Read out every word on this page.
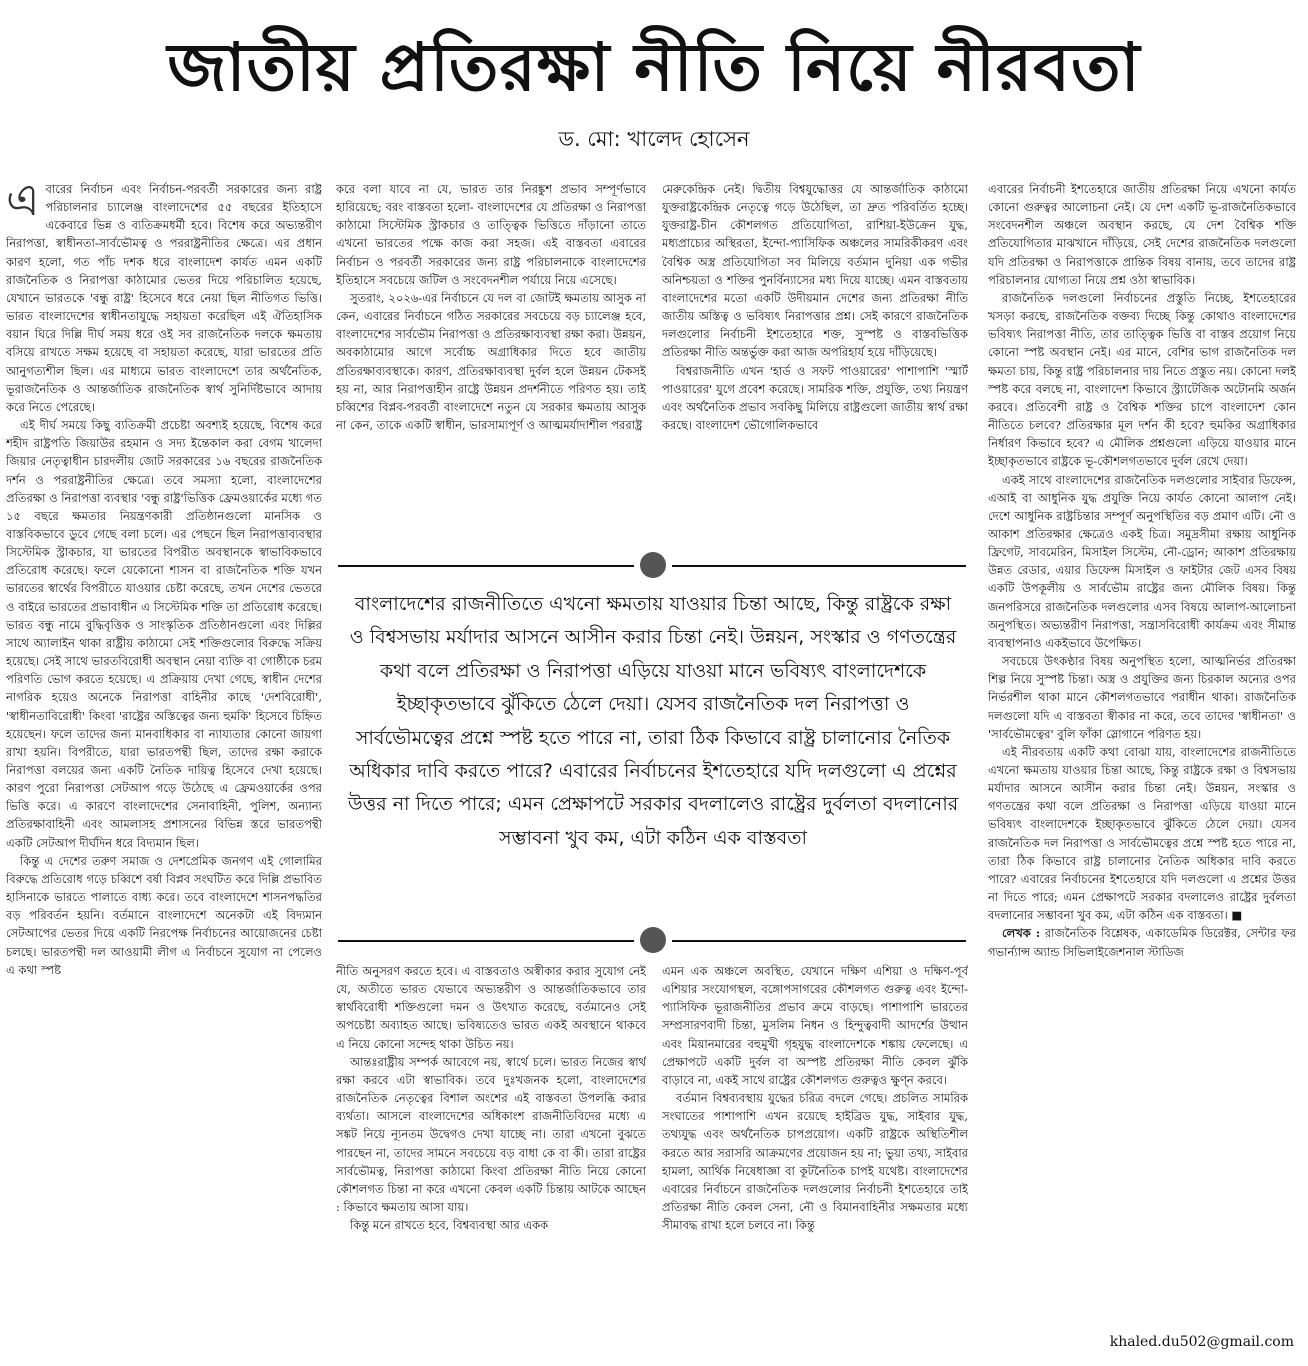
জাতীয় প্রতিরক্ষা নীতি নিয়ে নীরবতা
ড. মো: খালেদ হোসেন

এবারের নির্বাচন এবং নির্বাচন-পরবর্তী সরকারের জন্য রাষ্ট্র পরিচালনার চ্যালেঞ্জ বাংলাদেশের ৫৫ বছরের ইতিহাসে একেবারে ভিন্ন ও ব্যতিক্রমধর্মী হবে। বিশেষ করে অভ্যন্তরীণ নিরাপত্তা, স্বাধীনতা-সার্বভৌমত্ব ও পররাষ্ট্রনীতির ক্ষেত্রে। এর প্রধান কারণ হলো, গত পাঁচ দশক ধরে বাংলাদেশ কার্যত এমন একটি রাজনৈতিক ও নিরাপত্তা কাঠামোর ভেতর দিয়ে পরিচালিত হয়েছে, যেখানে ভারতকে 'বন্ধু রাষ্ট্র' হিসেবে ধরে নেয়া ছিল নীতিগত ভিত্তি। ভারত বাংলাদেশের স্বাধীনতাযুদ্ধে সহায়তা করেছিল এই ঐতিহাসিক বয়ান ঘিরে দিল্লি দীর্ঘ সময় ধরে ওই সব রাজনৈতিক দলকে ক্ষমতায় বসিয়ে রাখতে সক্ষম হয়েছে বা সহায়তা করেছে, যারা ভারতের প্রতি আনুগত্যশীল ছিল। এর মাধ্যমে ভারত বাংলাদেশে তার অর্থনৈতিক, ভূরাজনৈতিক ও আন্তর্জাতিক রাজনৈতিক স্বার্থ সুনির্দিষ্টভাবে আদায় করে নিতে পেরেছে।

এই দীর্ঘ সময়ে কিছু ব্যতিক্রমী প্রচেষ্টা অবশ্যই হয়েছে, বিশেষ করে শহীদ রাষ্ট্রপতি জিয়াউর রহমান ও সদ্য ইন্তেকাল করা বেগম খালেদা জিয়ার নেতৃত্বাধীন চারদলীয় জোট সরকারের ১৬ বছরের রাজনৈতিক দর্শন ও পররাষ্ট্রনীতির ক্ষেত্রে। তবে সমস্যা হলো, বাংলাদেশের প্রতিরক্ষা ও নিরাপত্তা ব্যবস্থার 'বন্ধু রাষ্ট্র'ভিত্তিক ফ্রেমওয়ার্কের মধ্যে গত ১৫ বছরে ক্ষমতার নিয়ন্ত্রণকারী প্রতিষ্ঠানগুলো মানসিক ও বাস্তবিকভাবে ডুবে গেছে বলা চলে। এর পেছনে ছিল নিরাপত্তাব্যবস্থার সিস্টেমিক স্ট্রাকচার, যা ভারতের বিপরীত অবস্থানকে স্বাভাবিকভাবে প্রতিরোধ করেছে। ফলে যেকোনো শাসন বা রাজনৈতিক শক্তি যখন ভারতের স্বার্থের বিপরীতে যাওয়ার চেষ্টা করেছে, তখন দেশের ভেতরে ও বাইরে ভারতের প্রভাবাধীন এ সিস্টেমিক শক্তি তা প্রতিরোধ করেছে। ভারত বন্ধু নামে বুদ্ধিবৃত্তিক ও সাংস্কৃতিক প্রতিষ্ঠানগুলো এবং দিল্লির সাথে অ্যালাইন থাকা রাষ্ট্রীয় কাঠামো সেই শক্তিগুলোর বিরুদ্ধে সক্রিয় হয়েছে। সেই সাথে ভারতবিরোধী অবস্থান নেয়া ব্যক্তি বা গোষ্ঠীকে চরম পরিণতি ভোগ করতে হয়েছে। এ প্রক্রিয়ায় দেখা গেছে, স্বাধীন দেশের নাগরিক হয়েও অনেকে নিরাপত্তা বাহিনীর কাছে 'দেশবিরোধী', 'স্বাধীনতাবিরোধী' কিংবা 'রাষ্ট্রের অস্তিত্বের জন্য হুমকি' হিসেবে চিহ্নিত হয়েছেন। ফলে তাদের জন্য মানবাধিকার বা ন্যায্যতার কোনো জায়গা রাখা হয়নি। বিপরীতে, যারা ভারতপন্থী ছিল, তাদের রক্ষা করাকে নিরাপত্তা বলয়ের জন্য একটি নৈতিক দায়িত্ব হিসেবে দেখা হয়েছে। কারণ পুরো নিরাপত্তা সেটআপ গড়ে উঠেছে এ ফ্রেমওয়ার্কের ওপর ভিত্তি করে। এ কারণে বাংলাদেশের সেনাবাহিনী, পুলিশ, অন্যান্য প্রতিরক্ষাবাহিনী এবং আমলাসহ প্রশাসনের বিভিন্ন স্তরে ভারতপন্থী একটি সেটআপ দীর্ঘদিন ধরে বিদ্যমান ছিল।

কিন্তু এ দেশের তরুণ সমাজ ও দেশপ্রেমিক জনগণ এই গোলামির বিরুদ্ধে প্রতিরোধ গড়ে চব্বিশে বর্ষা বিপ্লব সংঘটিত করে দিল্লি প্রভাবিত হাসিনাকে ভারতে পালাতে বাধ্য করে। তবে বাংলাদেশে শাসনপদ্ধতির বড় পরিবর্তন হয়নি। বর্তমানে বাংলাদেশে অনেকটা এই বিদ্যমান সেটআপের ভেতর দিয়ে একটি নিরপেক্ষ নির্বাচনের আয়োজনের চেষ্টা চলছে। ভারতপন্থী দল আওয়ামী লীগ এ নির্বাচনে সুযোগ না পেলেও এ কথা স্পষ্ট

করে বলা যাবে না যে, ভারত তার নিরঙ্কুশ প্রভাব সম্পূর্ণভাবে হারিয়েছে; বরং বাস্তবতা হলো- বাংলাদেশের যে প্রতিরক্ষা ও নিরাপত্তা কাঠামো সিস্টেমিক স্ট্রাকচার ও তাত্ত্বিক ভিত্তিতে দাঁড়ানো তাতে এখনো ভারতের পক্ষে কাজ করা সহজ। এই বাস্তবতা এবারের নির্বাচন ও পরবর্তী সরকারের জন্য রাষ্ট্র পরিচালনাকে বাংলাদেশের ইতিহাসে সবচেয়ে জটিল ও সংবেদনশীল পর্যায়ে নিয়ে এসেছে।

সুতরাং, ২০২৬-এর নির্বাচনে যে দল বা জোটই ক্ষমতায় আসুক না কেন, এবারের নির্বাচনে গঠিত সরকারের সবচেয়ে বড় চ্যালেঞ্জ হবে, বাংলাদেশের সার্বভৌম নিরাপত্তা ও প্রতিরক্ষাব্যবস্থা রক্ষা করা। উন্নয়ন, অবকাঠামোর আগে সর্বোচ্চ অগ্রাধিকার দিতে হবে জাতীয় প্রতিরক্ষাব্যবস্থাকে। কারণ, প্রতিরক্ষাব্যবস্থা দুর্বল হলে উন্নয়ন টেকসই হয় না, আর নিরাপত্তাহীন রাষ্ট্রে উন্নয়ন প্রদর্শনীতে পরিণত হয়। তাই চব্বিশের বিপ্লব-পরবর্তী বাংলাদেশে নতুন যে সরকার ক্ষমতায় আসুক না কেন, তাকে একটি স্বাধীন, ভারসাম্যপূর্ণ ও আত্মমর্যাদাশীল পররাষ্ট্র

মেরুকেন্দ্রিক নেই। দ্বিতীয় বিশ্বযুদ্ধোত্তর যে আন্তর্জাতিক কাঠামো যুক্তরাষ্ট্রকেন্দ্রিক নেতৃত্বে গড়ে উঠেছিল, তা দ্রুত পরিবর্তিত হচ্ছে। যুক্তরাষ্ট্র-চীন কৌশলগত প্রতিযোগিতা, রাশিয়া-ইউক্রেন যুদ্ধ, মধ্যপ্রাচ্যের অস্থিরতা, ইন্দো-প্যাসিফিক অঞ্চলের সামরিকীকরণ এবং বৈশ্বিক অস্ত্র প্রতিযোগিতা সব মিলিয়ে বর্তমান দুনিয়া এক গভীর অনিশ্চয়তা ও শক্তির পুনর্বিন্যাসের মধ্য দিয়ে যাচ্ছে। এমন বাস্তবতায় বাংলাদেশের মতো একটি উদীয়মান দেশের জন্য প্রতিরক্ষা নীতি জাতীয় অস্তিত্ব ও ভবিষ্যৎ নিরাপত্তার প্রশ্ন। সেই কারণে রাজনৈতিক দলগুলোর নির্বাচনী ইশতেহারে শক্ত, সুস্পষ্ট ও বাস্তবভিত্তিক প্রতিরক্ষা নীতি অন্তর্ভুক্ত করা আজ অপরিহার্য হয়ে দাঁড়িয়েছে।

বিশ্বরাজনীতি এখন 'হার্ড ও সফট পাওয়ারের' পাশাপাশি 'স্মার্ট পাওয়ারের' যুগে প্রবেশ করেছে। সামরিক শক্তি, প্রযুক্তি, তথ্য নিয়ন্ত্রণ এবং অর্থনৈতিক প্রভাব সবকিছু মিলিয়ে রাষ্ট্রগুলো জাতীয় স্বার্থ রক্ষা করছে। বাংলাদেশ ভৌগোলিকভাবে

বাংলাদেশের রাজনীতিতে এখনো ক্ষমতায় যাওয়ার চিন্তা আছে, কিন্তু রাষ্ট্রকে রক্ষা ও বিশ্বসভায় মর্যাদার আসনে আসীন করার চিন্তা নেই। উন্নয়ন, সংস্কার ও গণতন্ত্রের কথা বলে প্রতিরক্ষা ও নিরাপত্তা এড়িয়ে যাওয়া মানে ভবিষ্যৎ বাংলাদেশকে ইচ্ছাকৃতভাবে ঝুঁকিতে ঠেলে দেয়া। যেসব রাজনৈতিক দল নিরাপত্তা ও সার্বভৌমত্বের প্রশ্নে স্পষ্ট হতে পারে না, তারা ঠিক কিভাবে রাষ্ট্র চালানোর নৈতিক অধিকার দাবি করতে পারে? এবারের নির্বাচনের ইশতেহারে যদি দলগুলো এ প্রশ্নের উত্তর না দিতে পারে; এমন প্রেক্ষাপটে সরকার বদলালেও রাষ্ট্রের দুর্বলতা বদলানোর সম্ভাবনা খুব কম, এটা কঠিন এক বাস্তবতা

নীতি অনুসরণ করতে হবে। এ বাস্তবতাও অস্বীকার করার সুযোগ নেই যে, অতীতে ভারত যেভাবে অভ্যন্তরীণ ও আন্তর্জাতিকভাবে তার স্বার্থবিরোধী শক্তিগুলো দমন ও উৎখাত করেছে, বর্তমানেও সেই অপচেষ্টা অব্যাহত আছে। ভবিষ্যতেও ভারত একই অবস্থানে থাকবে এ নিয়ে কোনো সন্দেহ থাকা উচিত নয়।

আন্তঃরাষ্ট্রীয় সম্পর্ক আবেগে নয়, স্বার্থে চলে। ভারত নিজের স্বার্থ রক্ষা করবে এটা স্বাভাবিক। তবে দুঃখজনক হলো, বাংলাদেশের রাজনৈতিক নেতৃত্বের বিশাল অংশের এই বাস্তবতা উপলব্ধি করার ব্যর্থতা। আসলে বাংলাদেশের অধিকাংশ রাজনীতিবিদের মধ্যে এ সঙ্কট নিয়ে ন্যূনতম উদ্বেগও দেখা যাচ্ছে না। তারা এখনো বুঝতে পারছেন না, তাদের সামনে সবচেয়ে বড় বাধা কে বা কী। তারা রাষ্ট্রের সার্বভৌমত্ব, নিরাপত্তা কাঠামো কিংবা প্রতিরক্ষা নীতি নিয়ে কোনো কৌশলগত চিন্তা না করে এখনো কেবল একটি চিন্তায় আটকে আছেন : কিভাবে ক্ষমতায় আসা যায়।

কিন্তু মনে রাখতে হবে, বিশ্বব্যবস্থা আর একক

এমন এক অঞ্চলে অবস্থিত, যেখানে দক্ষিণ এশিয়া ও দক্ষিণ-পূর্ব এশিয়ার সংযোগস্থল, বঙ্গোপসাগরের কৌশলগত গুরুত্ব এবং ইন্দো-প্যাসিফিক ভূরাজনীতির প্রভাব ক্রমে বাড়ছে। পাশাপাশি ভারতের সম্প্রসারণবাদী চিন্তা, মুসলিম নিধন ও হিন্দুত্ববাদী আদর্শের উত্থান এবং মিয়ানমারের বহুমুখী গৃহযুদ্ধ বাংলাদেশকে শঙ্কায় ফেলেছে। এ প্রেক্ষাপটে একটি দুর্বল বা অস্পষ্ট প্রতিরক্ষা নীতি কেবল ঝুঁকি বাড়াবে না, একই সাথে রাষ্ট্রের কৌশলগত গুরুত্বও ক্ষুণ্ন করবে।

বর্তমান বিশ্বব্যবস্থায় যুদ্ধের চরিত্র বদলে গেছে। প্রচলিত সামরিক সংঘাতের পাশাপাশি এখন রয়েছে হাইব্রিড যুদ্ধ, সাইবার যুদ্ধ, তথ্যযুদ্ধ এবং অর্থনৈতিক চাপপ্রয়োগ। একটি রাষ্ট্রকে অস্থিতিশীল করতে আর সরাসরি আক্রমণের প্রয়োজন হয় না; ভুয়া তথ্য, সাইবার হামলা, আর্থিক নিষেধাজ্ঞা বা কূটনৈতিক চাপই যথেষ্ট। বাংলাদেশের এবারের নির্বাচনে রাজনৈতিক দলগুলোর নির্বাচনী ইশতেহারে তাই প্রতিরক্ষা নীতি কেবল সেনা, নৌ ও বিমানবাহিনীর সক্ষমতার মধ্যে সীমাবদ্ধ রাখা হলে চলবে না। কিন্তু

এবারের নির্বাচনী ইশতেহারে জাতীয় প্রতিরক্ষা নিয়ে এখনো কার্যত কোনো গুরুত্বর আলোচনা নেই। যে দেশ একটি ভূ-রাজনৈতিকভাবে সংবেদনশীল অঞ্চলে অবস্থান করছে, যে দেশ বৈশ্বিক শক্তি প্রতিযোগিতার মাঝখানে দাঁড়িয়ে, সেই দেশের রাজনৈতিক দলগুলো যদি প্রতিরক্ষা ও নিরাপত্তাকে প্রান্তিক বিষয় বানায়, তবে তাদের রাষ্ট্র পরিচালনার যোগ্যতা নিয়ে প্রশ্ন ওঠা স্বাভাবিক।

রাজনৈতিক দলগুলো নির্বাচনের প্রস্তুতি নিচ্ছে, ইশতেহারের খসড়া করছে, রাজনৈতিক বক্তব্য দিচ্ছে কিন্তু কোথাও বাংলাদেশের ভবিষ্যৎ নিরাপত্তা নীতি, তার তাত্ত্বিক ভিত্তি বা বাস্তব প্রয়োগ নিয়ে কোনো স্পষ্ট অবস্থান নেই। এর মানে, বেশির ভাগ রাজনৈতিক দল ক্ষমতা চায়, কিন্তু রাষ্ট্র পরিচালনার দায় নিতে প্রস্তুত নয়। কোনো দলই স্পষ্ট করে বলছে না, বাংলাদেশ কিভাবে স্ট্র্যাটেজিক অটোনমি অর্জন করবে। প্রতিবেশী রাষ্ট্র ও বৈশ্বিক শক্তির চাপে বাংলাদেশ কোন নীতিতে চলবে? প্রতিরক্ষার মূল দর্শন কী হবে? হুমকির অগ্রাধিকার নির্ধারণ কিভাবে হবে? এ মৌলিক প্রশ্নগুলো এড়িয়ে যাওয়ার মানে ইচ্ছাকৃতভাবে রাষ্ট্রকে ভূ-কৌশলগতভাবে দুর্বল রেখে দেয়া।

একই সাথে বাংলাদেশের রাজনৈতিক দলগুলোর সাইবার ডিফেন্স, এআই বা আধুনিক যুদ্ধ প্রযুক্তি নিয়ে কার্যত কোনো আলাপ নেই। দেশে আধুনিক রাষ্ট্রচিন্তার সম্পূর্ণ অনুপস্থিতির বড় প্রমাণ এটি। নৌ ও আকাশ প্রতিরক্ষার ক্ষেত্রেও একই চিত্র। সমুদ্রসীমা রক্ষায় আধুনিক ফ্রিগেট, সাবমেরিন, মিসাইল সিস্টেম, নৌ-ড্রোন; আকাশ প্রতিরক্ষায় উন্নত রেডার, এয়ার ডিফেন্স মিসাইল ও ফাইটার জেট এসব বিষয় একটি উপকূলীয় ও সার্বভৌম রাষ্ট্রের জন্য মৌলিক বিষয়। কিন্তু জনপরিসরে রাজনৈতিক দলগুলোর এসব বিষয়ে আলাপ-আলোচনা অনুপস্থিত। অভ্যন্তরীণ নিরাপত্তা, সন্ত্রাসবিরোধী কার্যক্রম এবং সীমান্ত ব্যবস্থাপনাও একইভাবে উপেক্ষিত।

সবচেয়ে উৎকণ্ঠার বিষয় অনুপস্থিত হলো, আত্মনির্ভর প্রতিরক্ষা শিল্প নিয়ে সুস্পষ্ট চিন্তা। অস্ত্র ও প্রযুক্তির জন্য চিরকাল অন্যের ওপর নির্ভরশীল থাকা মানে কৌশলগতভাবে পরাধীন থাকা। রাজনৈতিক দলগুলো যদি এ বাস্তবতা স্বীকার না করে, তবে তাদের 'স্বাধীনতা' ও 'সার্বভৌমত্বের' বুলি ফাঁকা স্লোগানে পরিণত হয়।

এই নীরবতায় একটি কথা বোঝা যায়, বাংলাদেশের রাজনীতিতে এখনো ক্ষমতায় যাওয়ার চিন্তা আছে, কিন্তু রাষ্ট্রকে রক্ষা ও বিশ্বসভায় মর্যাদার আসনে আসীন করার চিন্তা নেই। উন্নয়ন, সংস্কার ও গণতন্ত্রের কথা বলে প্রতিরক্ষা ও নিরাপত্তা এড়িয়ে যাওয়া মানে ভবিষ্যৎ বাংলাদেশকে ইচ্ছাকৃতভাবে ঝুঁকিতে ঠেলে দেয়া। যেসব রাজনৈতিক দল নিরাপত্তা ও সার্বভৌমত্বের প্রশ্নে স্পষ্ট হতে পারে না, তারা ঠিক কিভাবে রাষ্ট্র চালানোর নৈতিক অধিকার দাবি করতে পারে? এবারের নির্বাচনের ইশতেহারে যদি দলগুলো এ প্রশ্নের উত্তর না দিতে পারে; এমন প্রেক্ষাপটে সরকার বদলালেও রাষ্ট্রের দুর্বলতা বদলানোর সম্ভাবনা খুব কম, এটা কঠিন এক বাস্তবতা। ■

লেখক : রাজনৈতিক বিশ্লেষক, একাডেমিক ডিরেক্টর, সেন্টার ফর গভার্ন্যান্স অ্যান্ড সিভিলাইজেশনাল স্টাডিজ

khaled.du502@gmail.com
